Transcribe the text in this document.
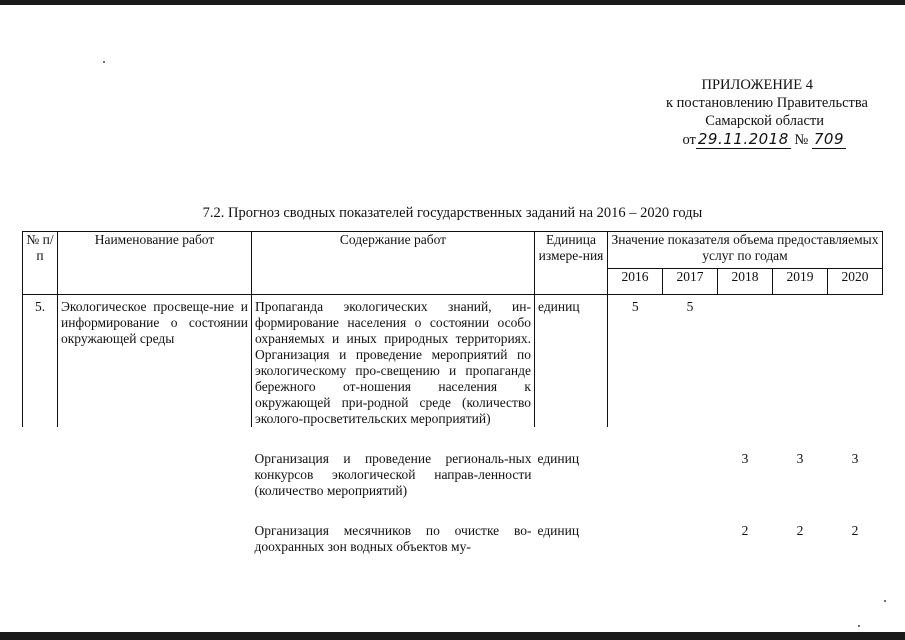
ПРИЛОЖЕНИЕ 4
к постановлению Правительства
Самарской области
от 29.11.2018 № 709
7.2. Прогноз сводных показателей государственных заданий на 2016 – 2020 годы
№ п/п	Наименование работ	Содержание работ	Единица измере-ния	Значение показателя объема предоставляемых услуг по годам				
				2016	2017	2018	2019	2020
5.	Экологическое просвеще-ние и информирование о состоянии окружающей среды	Пропаганда экологических знаний, ин-формирование населения о состоянии особо охраняемых и иных природных территориях. Организация и проведение мероприятий по экологическому про-свещению и пропаганде бережного от-ношения населения к окружающей при-родной среде (количество эколого-просветительских мероприятий)	единиц	5	5			

		Организация и проведение региональ-ных конкурсов экологической направ-ленности (количество мероприятий)	единиц			3	3	3

		Организация месячников по очистке во-доохранных зон водных объектов му-	единиц			2	2	2
